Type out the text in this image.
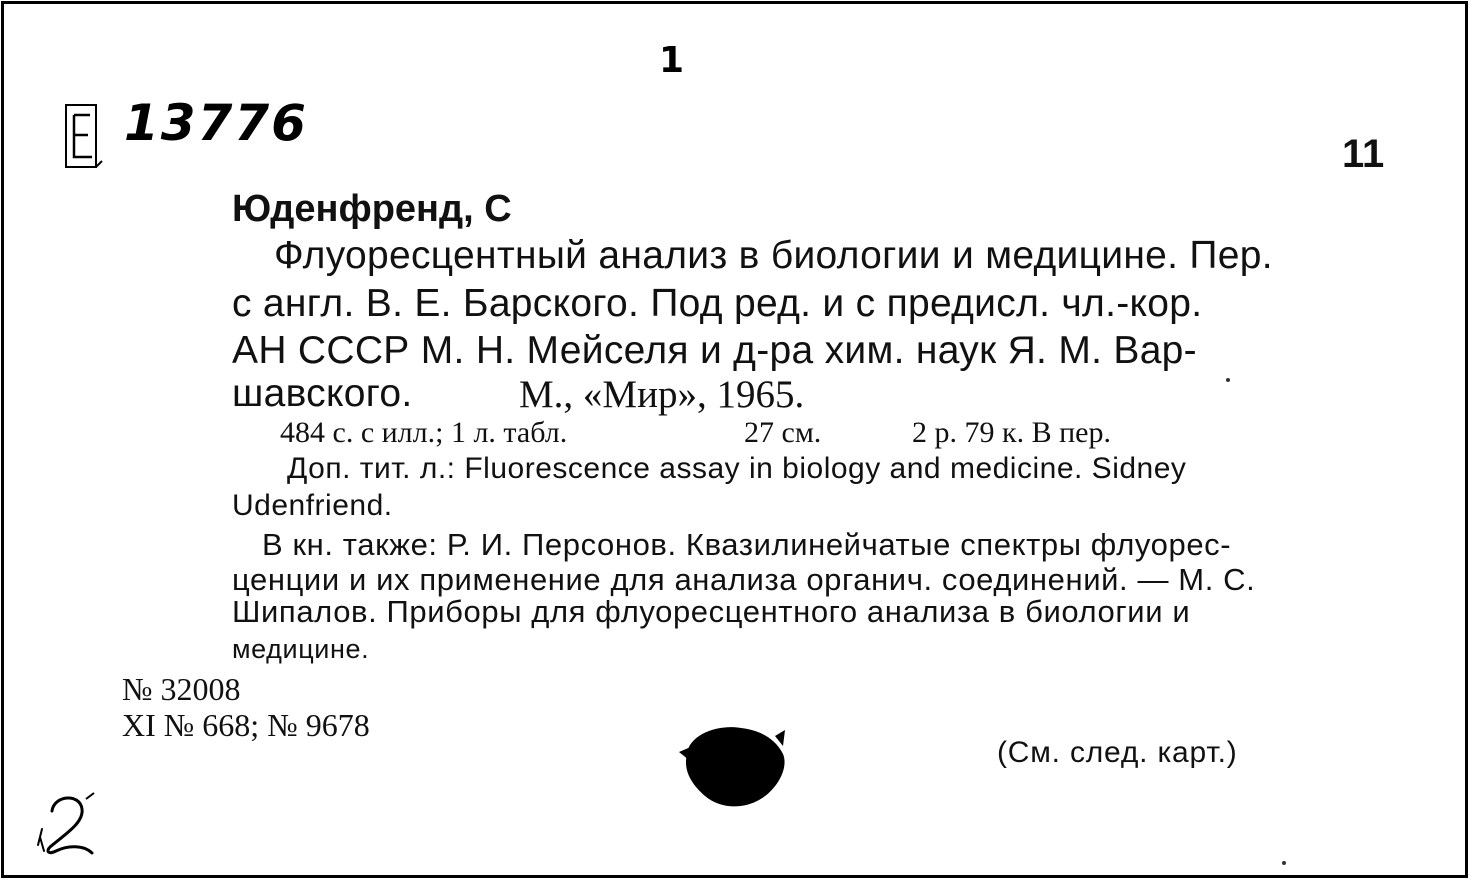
1
13776
11
Юденфренд, С
Флуоресцентный анализ в биологии и медицине. Пер.
с англ. В. Е. Барского. Под ред. и с предисл. чл.-кор.
АН СССР М. Н. Мейселя и д-ра хим. наук Я. М. Вар-
шавского.	М., «Мир», 1965.
484 с. с илл.; 1 л. табл.	27 см.	2 р. 79 к. В пер.
Доп. тит. л.: Fluorescence assay in biology and medicine. Sidney
Udenfriend.
В кн. также: Р. И. Персонов. Квазилинейчатые спектры флуорес-
ценции и их применение для анализа органич. соединений. — М. С.
Шипалов. Приборы для флуоресцентного анализа в биологии и
медицине.
№ 32008
XI № 668; № 9678
(См. след. карт.)
